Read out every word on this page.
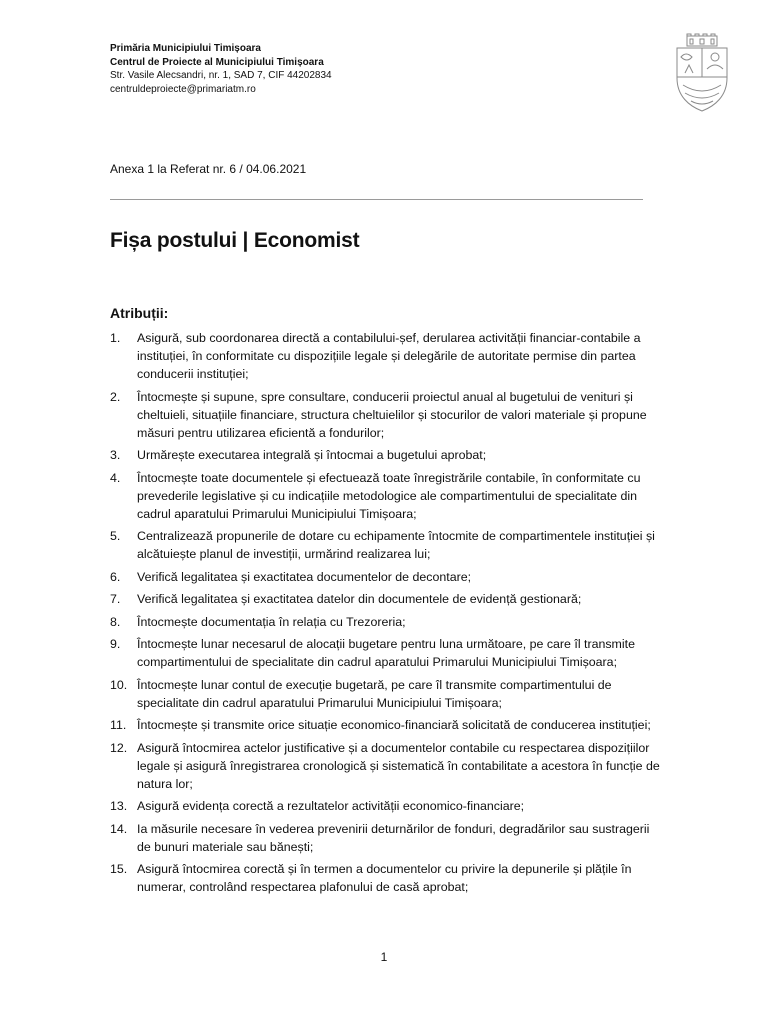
Primăria Municipiului Timișoara
Centrul de Proiecte al Municipiului Timișoara
Str. Vasile Alecsandri, nr. 1, SAD 7, CIF 44202834
centruldeproiecte@primariatm.ro
Anexa 1 la Referat nr. 6 / 04.06.2021
Fișa postului | Economist
Atribuții:
1. Asigură, sub coordonarea directă a contabilului-șef, derularea activității financiar-contabile a instituției, în conformitate cu dispozițiile legale și delegările de autoritate permise din partea conducerii instituției;
2. Întocmește și supune, spre consultare, conducerii proiectul anual al bugetului de venituri și cheltuieli, situațiile financiare, structura cheltuielilor și stocurilor de valori materiale și propune măsuri pentru utilizarea eficientă a fondurilor;
3. Urmărește executarea integrală și întocmai a bugetului aprobat;
4. Întocmește toate documentele și efectuează toate înregistrările contabile, în conformitate cu prevederile legislative și cu indicațiile metodologice ale compartimentului de specialitate din cadrul aparatului Primarului Municipiului Timișoara;
5. Centralizează propunerile de dotare cu echipamente întocmite de compartimentele instituției și alcătuiește planul de investiții, urmărind realizarea lui;
6. Verifică legalitatea și exactitatea documentelor de decontare;
7. Verifică legalitatea și exactitatea datelor din documentele de evidență gestionară;
8. Întocmește documentația în relația cu Trezoreria;
9. Întocmește lunar necesarul de alocații bugetare pentru luna următoare, pe care îl transmite compartimentului de specialitate din cadrul aparatului Primarului Municipiului Timișoara;
10. Întocmește lunar contul de execuție bugetară, pe care îl transmite compartimentului de specialitate din cadrul aparatului Primarului Municipiului Timișoara;
11. Întocmește și transmite orice situație economico-financiară solicitată de conducerea instituției;
12. Asigură întocmirea actelor justificative și a documentelor contabile cu respectarea dispozițiilor legale și asigură înregistrarea cronologică și sistematică în contabilitate a acestora în funcție de natura lor;
13. Asigură evidența corectă a rezultatelor activității economico-financiare;
14. Ia măsurile necesare în vederea prevenirii deturnărilor de fonduri, degradărilor sau sustragerii de bunuri materiale sau bănești;
15. Asigură întocmirea corectă și în termen a documentelor cu privire la depunerile și plățile în numerar, controlând respectarea plafonului de casă aprobat;
1
